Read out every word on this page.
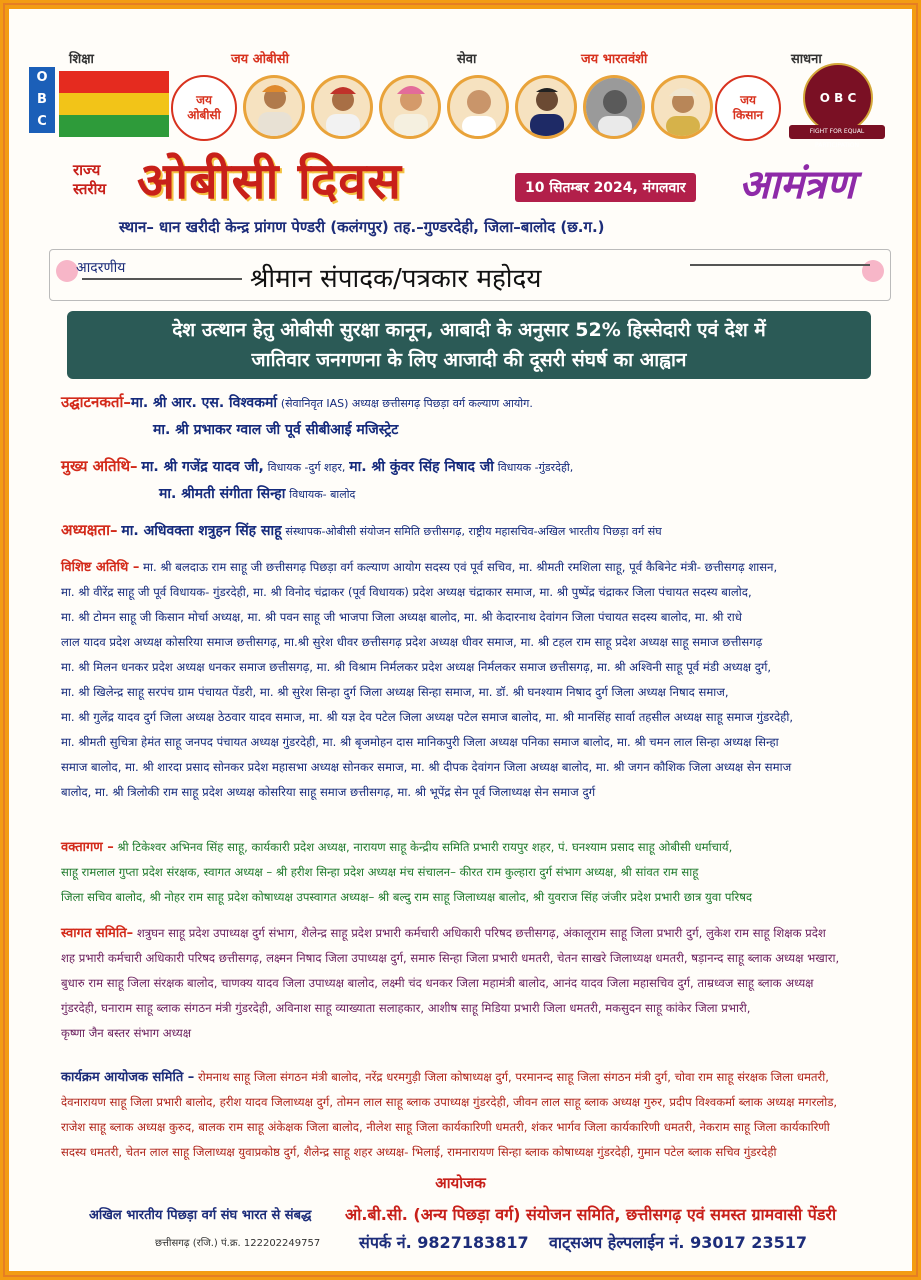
शिक्षा	जय ओबीसी	सेवा	जय भारतवंशी	साधना
O
B
C
जय
ओबीसी
जय
किसान
O B C
FIGHT FOR EQUAL PARTICIPATION
राज्य
स्तरीय ओबीसी दिवस	10 सितम्बर 2024, मंगलवार आमंत्रण
स्थान– धान खरीदी केन्द्र प्रांगण पेण्डरी (कलंगपुर) तह.–गुण्डरदेही, जिला–बालोद (छ.ग.)
आदरणीय	श्रीमान संपादक/पत्रकार महोदय
देश उत्थान हेतु ओबीसी सुरक्षा कानून, आबादी के अनुसार 52% हिस्सेदारी एवं देश में
जातिवार जनगणना के लिए आजादी की दूसरी संघर्ष का आह्वान
उद्घाटनकर्ता–मा. श्री आर. एस. विश्वकर्मा (सेवानिवृत IAS) अध्यक्ष छत्तीसगढ़ पिछड़ा वर्ग कल्याण आयोग.
मा. श्री प्रभाकर ग्वाल जी पूर्व सीबीआई मजिस्ट्रेट
मुख्य अतिथि– मा. श्री गजेंद्र यादव जी, विधायक -दुर्ग शहर, मा. श्री कुंवर सिंह निषाद जी विधायक -गुंडरदेही,
मा. श्रीमती संगीता सिन्हा विधायक- बालोद
अध्यक्षता– मा. अधिवक्ता शत्रुहन सिंह साहू संस्थापक-ओबीसी संयोजन समिति छत्तीसगढ़, राष्ट्रीय महासचिव-अखिल भारतीय पिछड़ा वर्ग संघ
विशिष्ट अतिथि – मा. श्री बलदाऊ राम साहू जी छत्तीसगढ़ पिछड़ा वर्ग कल्याण आयोग सदस्य एवं पूर्व सचिव, मा. श्रीमती रमशिला साहू, पूर्व कैबिनेट मंत्री- छत्तीसगढ़ शासन,
मा. श्री वीरेंद्र साहू जी पूर्व विधायक- गुंडरदेही, मा. श्री विनोद चंद्राकर (पूर्व विधायक) प्रदेश अध्यक्ष चंद्राकार समाज, मा. श्री पुष्पेंद्र चंद्राकर जिला पंचायत सदस्य बालोद,
मा. श्री टोमन साहू जी किसान मोर्चा अध्यक्ष, मा. श्री पवन साहू जी भाजपा जिला अध्यक्ष बालोद, मा. श्री केदारनाथ देवांगन जिला पंचायत सदस्य बालोद, मा. श्री राधे
लाल यादव प्रदेश अध्यक्ष कोसरिया समाज छत्तीसगढ़, मा.श्री सुरेश धीवर छत्तीसगढ़ प्रदेश अध्यक्ष धीवर समाज, मा. श्री टहल राम साहू प्रदेश अध्यक्ष साहू समाज छत्तीसगढ़
मा. श्री मिलन धनकर प्रदेश अध्यक्ष धनकर समाज छत्तीसगढ़, मा. श्री विश्राम निर्मलकर प्रदेश अध्यक्ष निर्मलकर समाज छत्तीसगढ़, मा. श्री अश्विनी साहू पूर्व मंडी अध्यक्ष दुर्ग,
मा. श्री खिलेन्द्र साहू सरपंच ग्राम पंचायत पेंडरी, मा. श्री सुरेश सिन्हा दुर्ग जिला अध्यक्ष सिन्हा समाज, मा. डॉ. श्री घनश्याम निषाद दुर्ग जिला अध्यक्ष निषाद समाज,
मा. श्री गुलेंद्र यादव दुर्ग जिला अध्यक्ष ठेठवार यादव समाज, मा. श्री यज्ञ देव पटेल जिला अध्यक्ष पटेल समाज बालोद, मा. श्री मानसिंह सार्वा तहसील अध्यक्ष साहू समाज गुंडरदेही,
मा. श्रीमती सुचित्रा हेमंत साहू जनपद पंचायत अध्यक्ष गुंडरदेही, मा. श्री बृजमोहन दास मानिकपुरी जिला अध्यक्ष पनिका समाज बालोद, मा. श्री चमन लाल सिन्हा अध्यक्ष सिन्हा
समाज बालोद, मा. श्री शारदा प्रसाद सोनकर प्रदेश महासभा अध्यक्ष सोनकर समाज, मा. श्री दीपक देवांगन जिला अध्यक्ष बालोद, मा. श्री जगन कौशिक जिला अध्यक्ष सेन समाज
बालोद, मा. श्री त्रिलोकी राम साहू प्रदेश अध्यक्ष कोसरिया साहू समाज छत्तीसगढ़, मा. श्री भूपेंद्र सेन पूर्व जिलाध्यक्ष सेन समाज दुर्ग
वक्तागण – श्री टिकेश्वर अभिनव सिंह साहू, कार्यकारी प्रदेश अध्यक्ष, नारायण साहू केन्द्रीय समिति प्रभारी रायपुर शहर, पं. घनश्याम प्रसाद साहू ओबीसी धर्माचार्य,
साहू रामलाल गुप्ता प्रदेश संरक्षक, स्वागत अध्यक्ष – श्री हरीश सिन्हा प्रदेश अध्यक्ष मंच संचालन– कीरत राम कुल्हारा दुर्ग संभाग अध्यक्ष, श्री सांवत राम साहू
जिला सचिव बालोद, श्री नोहर राम साहू प्रदेश कोषाध्यक्ष उपस्वागत अध्यक्ष– श्री बल्दु राम साहू जिलाध्यक्ष बालोद, श्री युवराज सिंह जंजीर प्रदेश प्रभारी छात्र युवा परिषद
स्वागत समिति– शत्रुघन साहू प्रदेश उपाध्यक्ष दुर्ग संभाग, शैलेन्द्र साहू प्रदेश प्रभारी कर्मचारी अधिकारी परिषद छत्तीसगढ़, अंकालूराम साहू जिला प्रभारी दुर्ग, लुकेश राम साहू शिक्षक प्रदेश
शह प्रभारी कर्मचारी अधिकारी परिषद छत्तीसगढ़, लक्ष्मन निषाद जिला उपाध्यक्ष दुर्ग, समारु सिन्हा जिला प्रभारी धमतरी, चेतन साखरे जिलाध्यक्ष धमतरी, षड़ानन्द साहू ब्लाक अध्यक्ष भखारा,
बुधारु राम साहू जिला संरक्षक बालोद, चाणक्य यादव जिला उपाध्यक्ष बालोद, लक्ष्मी चंद धनकर जिला महामंत्री बालोद, आनंद यादव जिला महासचिव दुर्ग, ताम्रध्वज साहू ब्लाक अध्यक्ष
गुंडरदेही, घनाराम साहू ब्लाक संगठन मंत्री गुंडरदेही, अविनाश साहू व्याख्याता सलाहकार, आशीष साहू मिडिया प्रभारी जिला धमतरी, मकसुदन साहू कांकेर जिला प्रभारी,
कृष्णा जैन बस्तर संभाग अध्यक्ष
कार्यक्रम आयोजक समिति – रोमनाथ साहू जिला संगठन मंत्री बालोद, नरेंद्र धरमगुड़ी जिला कोषाध्यक्ष दुर्ग, परमानन्द साहू जिला संगठन मंत्री दुर्ग, चोवा राम साहू संरक्षक जिला धमतरी,
देवनारायण साहू जिला प्रभारी बालोद, हरीश यादव जिलाध्यक्ष दुर्ग, तोमन लाल साहू ब्लाक उपाध्यक्ष गुंडरदेही, जीवन लाल साहू ब्लाक अध्यक्ष गुरुर, प्रदीप विश्वकर्मा ब्लाक अध्यक्ष मगरलोड,
राजेश साहू ब्लाक अध्यक्ष कुरुद, बालक राम साहू अंकेक्षक जिला बालोद, नीलेश साहू जिला कार्यकारिणी धमतरी, शंकर भार्गव जिला कार्यकारिणी धमतरी, नेकराम साहू जिला कार्यकारिणी
सदस्य धमतरी, चेतन लाल साहू जिलाध्यक्ष युवाप्रकोष्ठ दुर्ग, शैलेन्द्र साहू शहर अध्यक्ष- भिलाई, रामनारायण सिन्हा ब्लाक कोषाध्यक्ष गुंडरदेही, गुमान पटेल ब्लाक सचिव गुंडरदेही
आयोजक
अखिल भारतीय पिछड़ा वर्ग संघ भारत से संबद्ध ओ.बी.सी. (अन्य पिछड़ा वर्ग) संयोजन समिति, छत्तीसगढ़ एवं समस्त ग्रामवासी पेंडरी
छत्तीसगढ़ (रजि.) पं.क्र. 122202249757 संपर्क नं. 9827183817 वाट्सअप हेल्पलाईन नं. 93017 23517
